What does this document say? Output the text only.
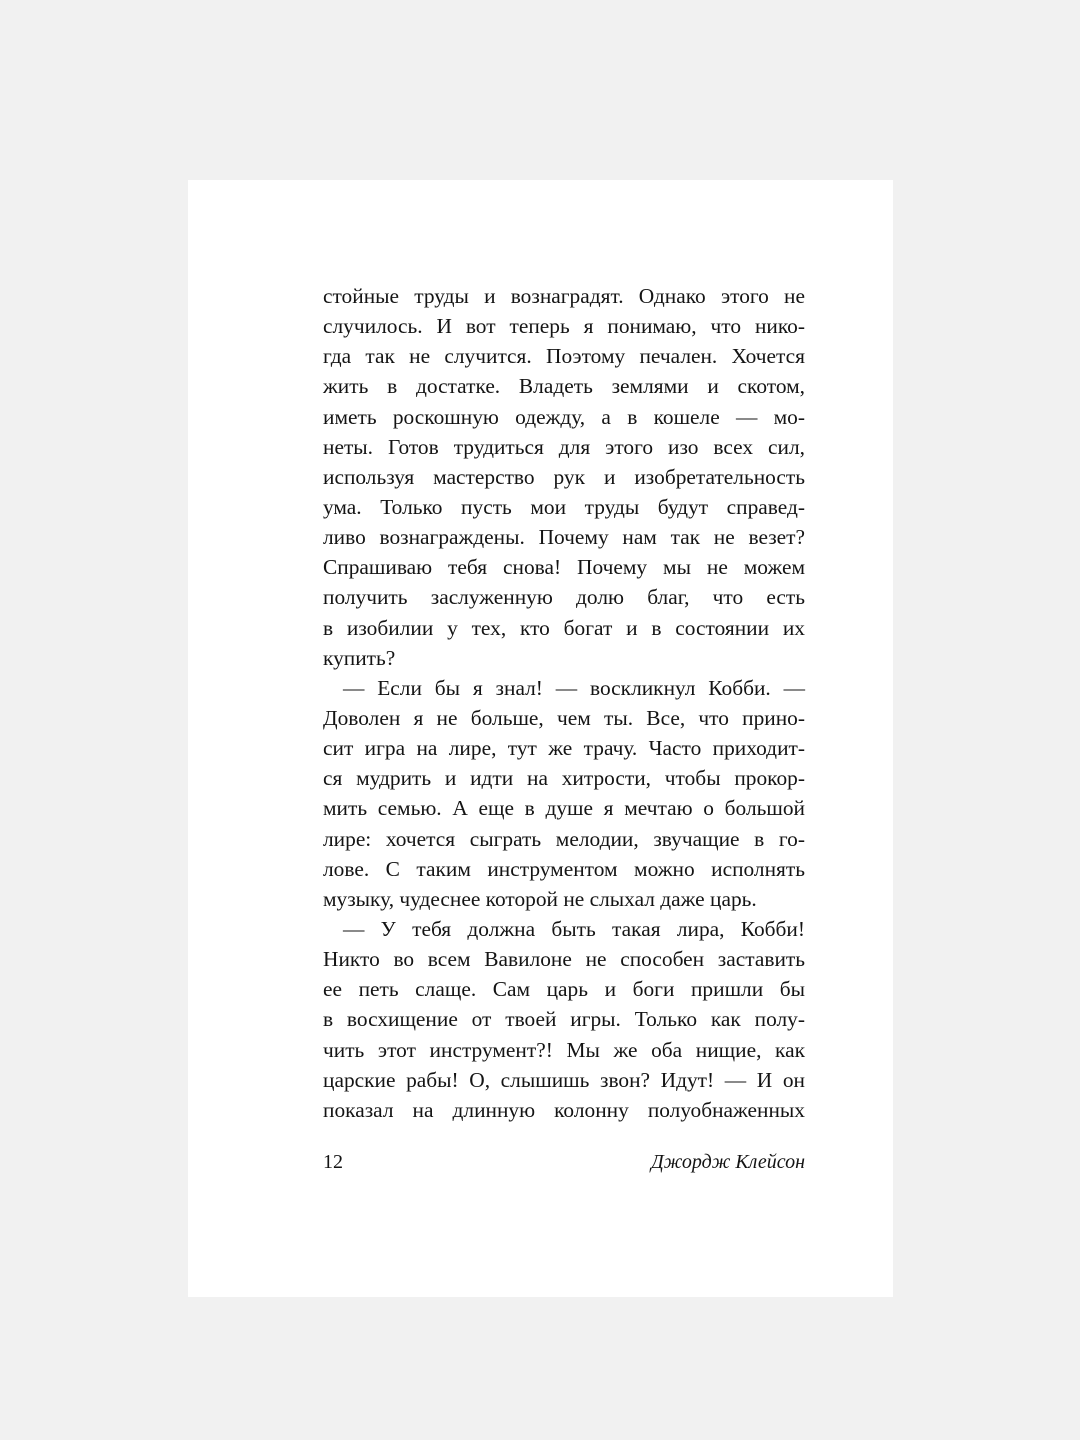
стойные труды и вознаградят. Однако этого не
случилось. И вот теперь я понимаю, что нико-
гда так не случится. Поэтому печален. Хочется
жить в достатке. Владеть землями и скотом,
иметь роскошную одежду, а в кошеле — мо-
неты. Готов трудиться для этого изо всех сил,
используя мастерство рук и изобретательность
ума. Только пусть мои труды будут справед-
ливо вознаграждены. Почему нам так не везет?
Спрашиваю тебя снова! Почему мы не можем
получить заслуженную долю благ, что есть
в изобилии у тех, кто богат и в состоянии их
купить?
— Если бы я знал! — воскликнул Кобби. —
Доволен я не больше, чем ты. Все, что прино-
сит игра на лире, тут же трачу. Часто приходит-
ся мудрить и идти на хитрости, чтобы прокор-
мить семью. А еще в душе я мечтаю о большой
лире: хочется сыграть мелодии, звучащие в го-
лове. С таким инструментом можно исполнять
музыку, чудеснее которой не слыхал даже царь.
— У тебя должна быть такая лира, Кобби!
Никто во всем Вавилоне не способен заставить
ее петь слаще. Сам царь и боги пришли бы
в восхищение от твоей игры. Только как полу-
чить этот инструмент?! Мы же оба нищие, как
царские рабы! О, слышишь звон? Идут! — И он
показал на длинную колонну полуобнаженных
12	Джордж Клейсон
